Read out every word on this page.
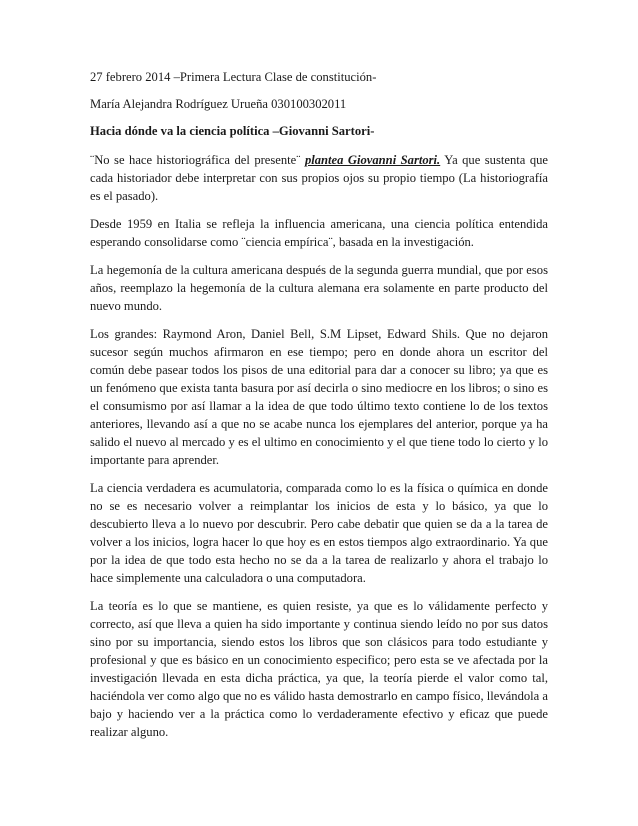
27 febrero 2014 –Primera Lectura Clase de constitución-
María Alejandra Rodríguez Urueña 030100302011
Hacia dónde va la ciencia política –Giovanni Sartori-

¨No se hace historiográfica del presente¨ plantea Giovanni Sartori. Ya que sustenta que cada historiador debe interpretar con sus propios ojos su propio tiempo (La historiografía es el pasado).

Desde 1959 en Italia se refleja la influencia americana, una ciencia política entendida esperando consolidarse como ¨ciencia empírica¨, basada en la investigación.

La hegemonía de la cultura americana después de la segunda guerra mundial, que por esos años, reemplazo la hegemonía de la cultura alemana era solamente en parte producto del nuevo mundo.

Los grandes: Raymond Aron, Daniel Bell, S.M Lipset, Edward Shils. Que no dejaron sucesor según muchos afirmaron en ese tiempo; pero en donde ahora un escritor del común debe pasear todos los pisos de una editorial para dar a conocer su libro; ya que es un fenómeno que exista tanta basura por así decirla o sino mediocre en los libros; o sino es el consumismo por así llamar a la idea de que todo último texto contiene lo de los textos anteriores, llevando así a que no se acabe nunca los ejemplares del anterior, porque ya ha salido el nuevo al mercado y es el ultimo en conocimiento y el que tiene todo lo cierto y lo importante para aprender.

La ciencia verdadera es acumulatoria, comparada como lo es la física o química en donde no se es necesario volver a reimplantar los inicios de esta y lo básico, ya que lo descubierto lleva a lo nuevo por descubrir. Pero cabe debatir que quien se da a la tarea de volver a los inicios, logra hacer lo que hoy es en estos tiempos algo extraordinario. Ya que por la idea de que todo esta hecho no se da a la tarea de realizarlo y ahora el trabajo lo hace simplemente una calculadora o una computadora.

La teoría es lo que se mantiene, es quien resiste, ya que es lo válidamente perfecto y correcto, así que lleva a quien ha sido importante y continua siendo leído no por sus datos sino por su importancia, siendo estos los libros que son clásicos para todo estudiante y profesional y que es básico en un conocimiento especifico; pero esta se ve afectada por la investigación llevada en esta dicha práctica, ya que, la teoría pierde el valor como tal, haciéndola ver como algo que no es válido hasta demostrarlo en campo físico, llevándola a bajo y haciendo ver a la práctica como lo verdaderamente efectivo y eficaz que puede realizar alguno.
